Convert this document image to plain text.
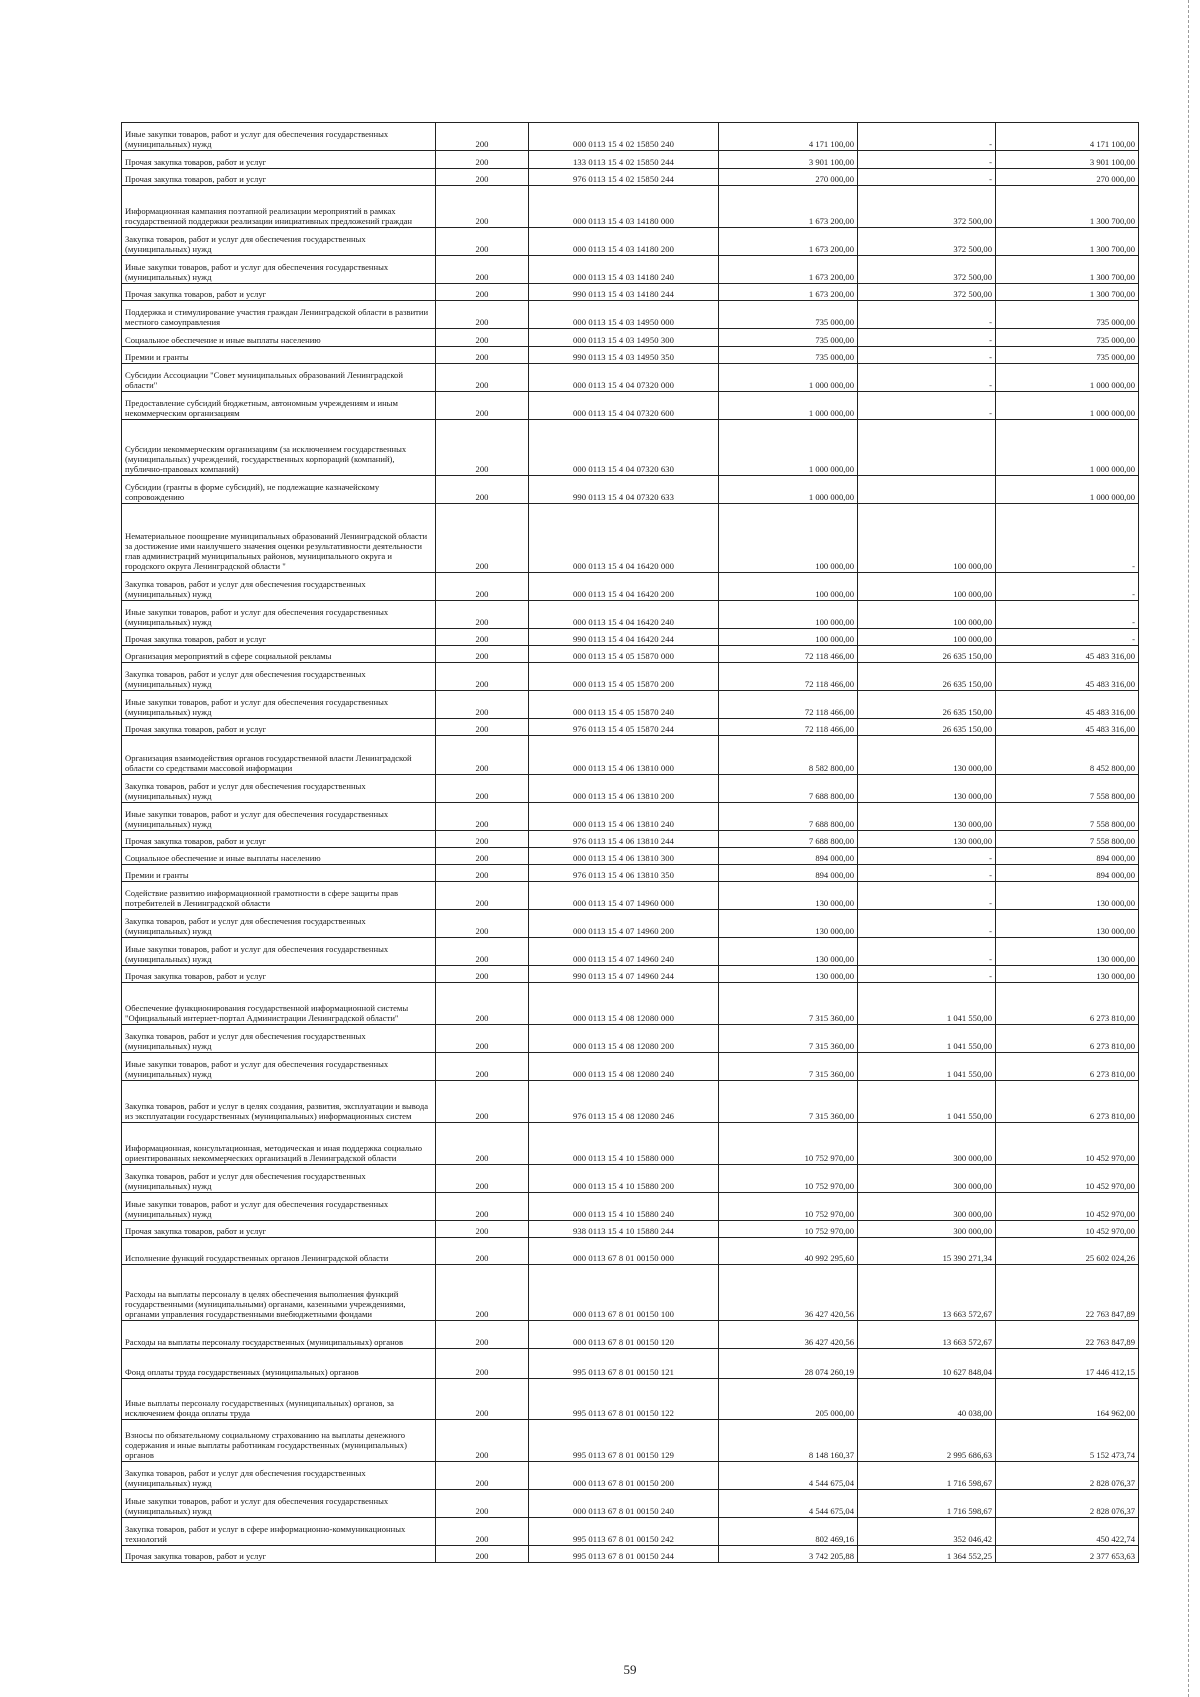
Иные закупки товаров, работ и услуг для обеспечения государственных (муниципальных) нужд	200	000 0113 15 4 02 15850 240	4 171 100,00	-	4 171 100,00
Прочая закупка товаров, работ и услуг	200	133 0113 15 4 02 15850 244	3 901 100,00	-	3 901 100,00
Прочая закупка товаров, работ и услуг	200	976 0113 15 4 02 15850 244	270 000,00	-	270 000,00
Информационная кампания поэтапной реализации мероприятий в рамках государственной поддержки реализации инициативных предложений граждан	200	000 0113 15 4 03 14180 000	1 673 200,00	372 500,00	1 300 700,00
Закупка товаров, работ и услуг для обеспечения государственных (муниципальных) нужд	200	000 0113 15 4 03 14180 200	1 673 200,00	372 500,00	1 300 700,00
Иные закупки товаров, работ и услуг для обеспечения государственных (муниципальных) нужд	200	000 0113 15 4 03 14180 240	1 673 200,00	372 500,00	1 300 700,00
Прочая закупка товаров, работ и услуг	200	990 0113 15 4 03 14180 244	1 673 200,00	372 500,00	1 300 700,00
Поддержка и стимулирование участия граждан Ленинградской области в развитии местного самоуправления	200	000 0113 15 4 03 14950 000	735 000,00	-	735 000,00
Социальное обеспечение и иные выплаты населению	200	000 0113 15 4 03 14950 300	735 000,00	-	735 000,00
Премии и гранты	200	990 0113 15 4 03 14950 350	735 000,00	-	735 000,00
Субсидии Ассоциации "Совет муниципальных образований Ленинградской области"	200	000 0113 15 4 04 07320 000	1 000 000,00	-	1 000 000,00
Предоставление субсидий бюджетным, автономным учреждениям и иным некоммерческим организациям	200	000 0113 15 4 04 07320 600	1 000 000,00	-	1 000 000,00
Субсидии некоммерческим организациям (за исключением государственных (муниципальных) учреждений, государственных корпораций (компаний), публично-правовых компаний)	200	000 0113 15 4 04 07320 630	1 000 000,00		1 000 000,00
Субсидии (гранты в форме субсидий), не подлежащие казначейскому сопровождению	200	990 0113 15 4 04 07320 633	1 000 000,00		1 000 000,00
Нематериальное поощрение муниципальных образований Ленинградской области за достижение ими наилучшего значения оценки результативности деятельности глав администраций муниципальных районов, муниципального округа и городского округа Ленинградской области "	200	000 0113 15 4 04 16420 000	100 000,00	100 000,00	-
Закупка товаров, работ и услуг для обеспечения государственных (муниципальных) нужд	200	000 0113 15 4 04 16420 200	100 000,00	100 000,00	-
Иные закупки товаров, работ и услуг для обеспечения государственных (муниципальных) нужд	200	000 0113 15 4 04 16420 240	100 000,00	100 000,00	-
Прочая закупка товаров, работ и услуг	200	990 0113 15 4 04 16420 244	100 000,00	100 000,00	-
Организация мероприятий в сфере социальной рекламы	200	000 0113 15 4 05 15870 000	72 118 466,00	26 635 150,00	45 483 316,00
Закупка товаров, работ и услуг для обеспечения государственных (муниципальных) нужд	200	000 0113 15 4 05 15870 200	72 118 466,00	26 635 150,00	45 483 316,00
Иные закупки товаров, работ и услуг для обеспечения государственных (муниципальных) нужд	200	000 0113 15 4 05 15870 240	72 118 466,00	26 635 150,00	45 483 316,00
Прочая закупка товаров, работ и услуг	200	976 0113 15 4 05 15870 244	72 118 466,00	26 635 150,00	45 483 316,00
Организация взаимодействия органов государственной власти Ленинградской области со средствами массовой информации	200	000 0113 15 4 06 13810 000	8 582 800,00	130 000,00	8 452 800,00
Закупка товаров, работ и услуг для обеспечения государственных (муниципальных) нужд	200	000 0113 15 4 06 13810 200	7 688 800,00	130 000,00	7 558 800,00
Иные закупки товаров, работ и услуг для обеспечения государственных (муниципальных) нужд	200	000 0113 15 4 06 13810 240	7 688 800,00	130 000,00	7 558 800,00
Прочая закупка товаров, работ и услуг	200	976 0113 15 4 06 13810 244	7 688 800,00	130 000,00	7 558 800,00
Социальное обеспечение и иные выплаты населению	200	000 0113 15 4 06 13810 300	894 000,00	-	894 000,00
Премии и гранты	200	976 0113 15 4 06 13810 350	894 000,00	-	894 000,00
Содействие развитию информационной грамотности в сфере защиты прав потребителей в Ленинградской области	200	000 0113 15 4 07 14960 000	130 000,00	-	130 000,00
Закупка товаров, работ и услуг для обеспечения государственных (муниципальных) нужд	200	000 0113 15 4 07 14960 200	130 000,00	-	130 000,00
Иные закупки товаров, работ и услуг для обеспечения государственных (муниципальных) нужд	200	000 0113 15 4 07 14960 240	130 000,00	-	130 000,00
Прочая закупка товаров, работ и услуг	200	990 0113 15 4 07 14960 244	130 000,00	-	130 000,00
Обеспечение функционирования государственной информационной системы "Официальный интернет-портал Администрации Ленинградской области"	200	000 0113 15 4 08 12080 000	7 315 360,00	1 041 550,00	6 273 810,00
Закупка товаров, работ и услуг для обеспечения государственных (муниципальных) нужд	200	000 0113 15 4 08 12080 200	7 315 360,00	1 041 550,00	6 273 810,00
Иные закупки товаров, работ и услуг для обеспечения государственных (муниципальных) нужд	200	000 0113 15 4 08 12080 240	7 315 360,00	1 041 550,00	6 273 810,00
Закупка товаров, работ и услуг в целях создания, развития, эксплуатации и вывода из эксплуатации государственных (муниципальных) информационных систем	200	976 0113 15 4 08 12080 246	7 315 360,00	1 041 550,00	6 273 810,00
Информационная, консультационная, методическая и иная поддержка социально ориентированных некоммерческих организаций в Ленинградской области	200	000 0113 15 4 10 15880 000	10 752 970,00	300 000,00	10 452 970,00
Закупка товаров, работ и услуг для обеспечения государственных (муниципальных) нужд	200	000 0113 15 4 10 15880 200	10 752 970,00	300 000,00	10 452 970,00
Иные закупки товаров, работ и услуг для обеспечения государственных (муниципальных) нужд	200	000 0113 15 4 10 15880 240	10 752 970,00	300 000,00	10 452 970,00
Прочая закупка товаров, работ и услуг	200	938 0113 15 4 10 15880 244	10 752 970,00	300 000,00	10 452 970,00
Исполнение функций государственных органов Ленинградской области	200	000 0113 67 8 01 00150 000	40 992 295,60	15 390 271,34	25 602 024,26
Расходы на выплаты персоналу в целях обеспечения выполнения функций государственными (муниципальными) органами, казенными учреждениями, органами управления государственными внебюджетными фондами	200	000 0113 67 8 01 00150 100	36 427 420,56	13 663 572,67	22 763 847,89
Расходы на выплаты персоналу государственных (муниципальных) органов	200	000 0113 67 8 01 00150 120	36 427 420,56	13 663 572,67	22 763 847,89
Фонд оплаты труда государственных (муниципальных) органов	200	995 0113 67 8 01 00150 121	28 074 260,19	10 627 848,04	17 446 412,15
Иные выплаты персоналу государственных (муниципальных) органов, за исключением фонда оплаты труда	200	995 0113 67 8 01 00150 122	205 000,00	40 038,00	164 962,00
Взносы по обязательному социальному страхованию на выплаты денежного содержания и иные выплаты работникам государственных (муниципальных) органов	200	995 0113 67 8 01 00150 129	8 148 160,37	2 995 686,63	5 152 473,74
Закупка товаров, работ и услуг для обеспечения государственных (муниципальных) нужд	200	000 0113 67 8 01 00150 200	4 544 675,04	1 716 598,67	2 828 076,37
Иные закупки товаров, работ и услуг для обеспечения государственных (муниципальных) нужд	200	000 0113 67 8 01 00150 240	4 544 675,04	1 716 598,67	2 828 076,37
Закупка товаров, работ и услуг в сфере информационно-коммуникационных технологий	200	995 0113 67 8 01 00150 242	802 469,16	352 046,42	450 422,74
Прочая закупка товаров, работ и услуг	200	995 0113 67 8 01 00150 244	3 742 205,88	1 364 552,25	2 377 653,63
59
